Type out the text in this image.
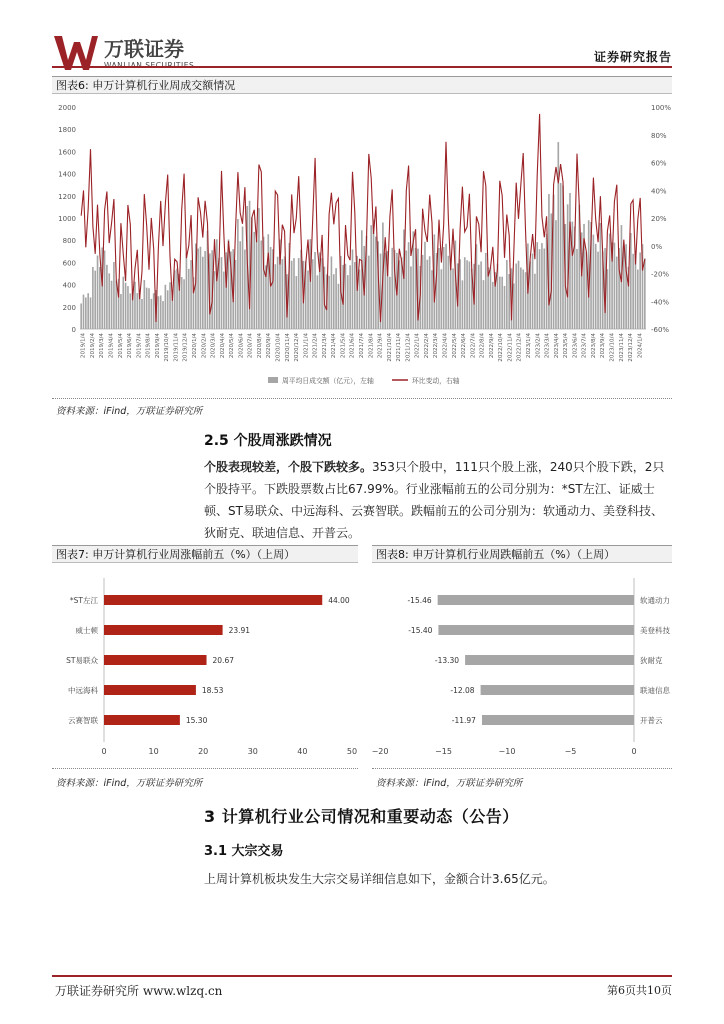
万联证券	证券研究报告
图表6: 申万计算机行业周成交额情况
0
200
400
600
800
1000
1200
1400
1600
1800
2000
-60%
-40%
-20%
0%
20%
40%
60%
80%
100%
2019/1/4 2019/2/4 2019/3/4 2019/4/4 2019/5/4 2019/6/4 2019/7/4 2019/8/4 2019/9/4 2019/10/4 2019/11/4 2019/12/4 2020/1/4 2020/2/4 2020/3/4 2020/4/4 2020/5/4 2020/6/4 2020/7/4 2020/8/4 2020/9/4 2020/10/4 2020/11/4 2020/12/4 2021/1/4 2021/2/4 2021/3/4 2021/4/4 2021/5/4 2021/6/4 2021/7/4 2021/8/4 2021/9/4 2021/10/4 2021/11/4 2021/12/4 2022/1/4 2022/2/4 2022/3/4 2022/4/4 2022/5/4 2022/6/4 2022/7/4 2022/8/4 2022/9/4 2022/10/4 2022/11/4 2022/12/4 2023/1/4 2023/2/4 2023/3/4 2023/4/4 2023/5/4 2023/6/4 2023/7/4 2023/8/4 2023/9/4 2023/10/4 2023/11/4 2023/12/4 2024/1/4
周平均日成交额（亿元），左轴	环比变动，右轴
资料来源：iFind，万联证券研究所
2.5 个股周涨跌情况
个股表现较差，个股下跌较多。353只个股中，111只个股上涨，240只个股下跌，2只
个股持平。下跌股票数占比67.99%。行业涨幅前五的公司分别为：*ST左江、证威士
顿、ST易联众、中远海科、云赛智联。跌幅前五的公司分别为：软通动力、美登科技、
狄耐克、联迪信息、开普云。
图表7: 申万计算机行业周涨幅前五（%）（上周）	图表8: 申万计算机行业周跌幅前五（%）（上周）
*ST左江	44.00
威士顿	23.91
ST易联众	20.67
中远海科	18.53
云赛智联	15.30
0	10	20	30	40	50
软通动力
-15.46
美登科技
-15.40
狄耐克
-13.30
联迪信息
-12.08
开普云
-11.97
−20	−15	−10	−5	0
资料来源：iFind，万联证券研究所	资料来源：iFind，万联证券研究所
3 计算机行业公司情况和重要动态（公告）
3.1 大宗交易
上周计算机板块发生大宗交易详细信息如下，金额合计3.65亿元。
万联证券研究所 www.wlzq.cn	第6页共10页
